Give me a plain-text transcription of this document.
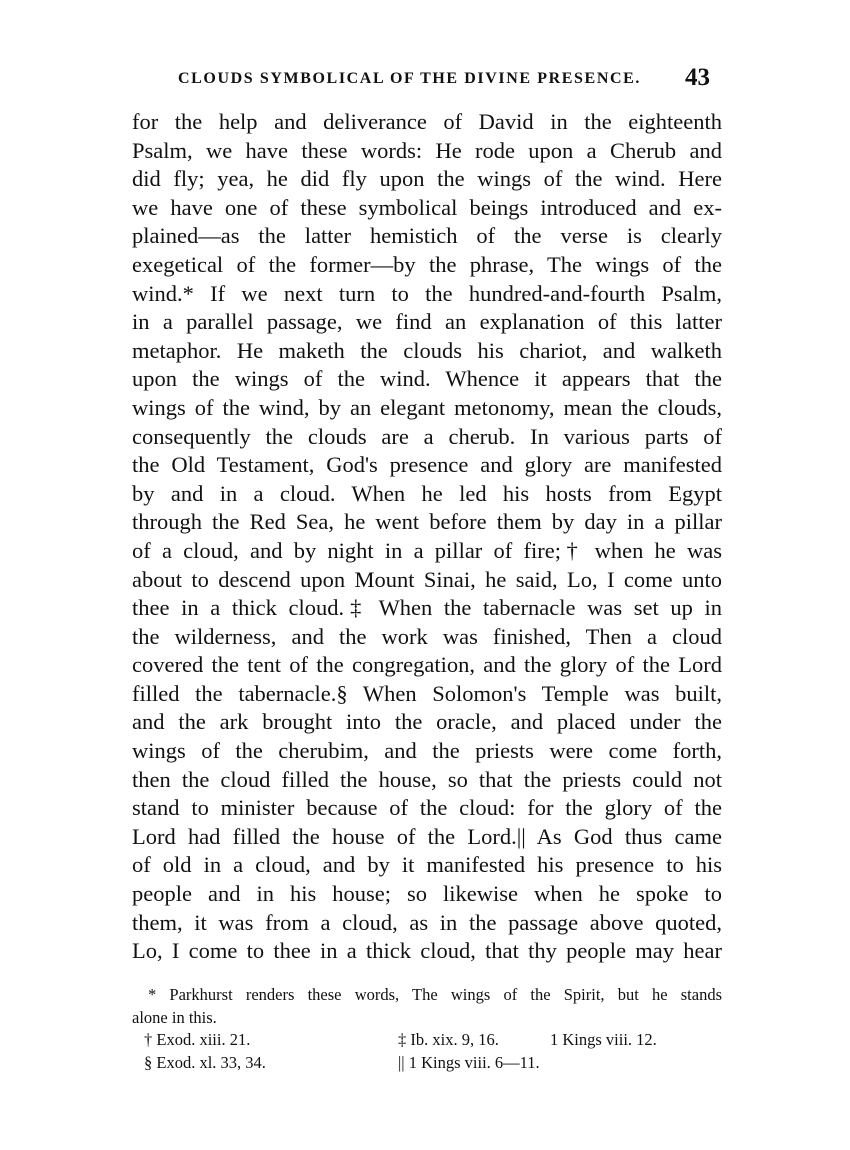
CLOUDS SYMBOLICAL OF THE DIVINE PRESENCE. 43
for the help and deliverance of David in the eighteenth
Psalm, we have these words: He rode upon a Cherub and
did fly; yea, he did fly upon the wings of the wind. Here
we have one of these symbolical beings introduced and ex-
plained—as the latter hemistich of the verse is clearly
exegetical of the former—by the phrase, The wings of the
wind.* If we next turn to the hundred-and-fourth Psalm,
in a parallel passage, we find an explanation of this latter
metaphor. He maketh the clouds his chariot, and walketh
upon the wings of the wind. Whence it appears that the
wings of the wind, by an elegant metonomy, mean the clouds,
consequently the clouds are a cherub. In various parts of
the Old Testament, God's presence and glory are manifested
by and in a cloud. When he led his hosts from Egypt
through the Red Sea, he went before them by day in a pillar
of a cloud, and by night in a pillar of fire;† when he was
about to descend upon Mount Sinai, he said, Lo, I come unto
thee in a thick cloud.‡ When the tabernacle was set up in
the wilderness, and the work was finished, Then a cloud
covered the tent of the congregation, and the glory of the Lord
filled the tabernacle.§ When Solomon's Temple was built,
and the ark brought into the oracle, and placed under the
wings of the cherubim, and the priests were come forth,
then the cloud filled the house, so that the priests could not
stand to minister because of the cloud: for the glory of the
Lord had filled the house of the Lord.|| As God thus came
of old in a cloud, and by it manifested his presence to his
people and in his house; so likewise when he spoke to
them, it was from a cloud, as in the passage above quoted,
Lo, I come to thee in a thick cloud, that thy people may hear
* Parkhurst renders these words, The wings of the Spirit, but he stands
alone in this.
† Exod. xiii. 21.	‡ Ib. xix. 9, 16.	1 Kings viii. 12.
§ Exod. xl. 33, 34.	|| 1 Kings viii. 6—11.
